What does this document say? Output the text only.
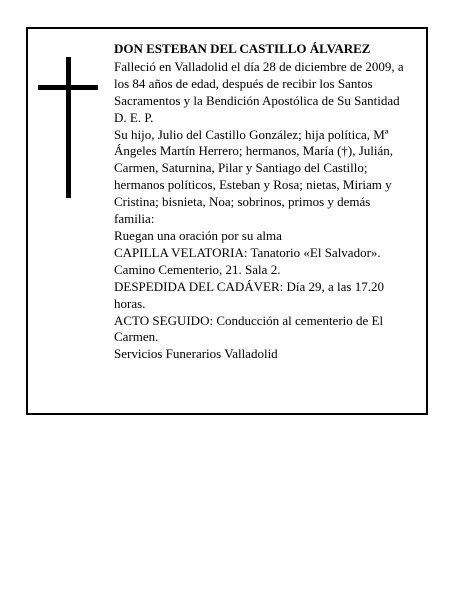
DON ESTEBAN DEL CASTILLO ÁLVAREZ

Falleció en Valladolid el día 28 de diciembre de 2009, a los 84 años de edad, después de recibir los Santos Sacramentos y la Bendición Apostólica de Su Santidad

D. E. P.

Su hijo, Julio del Castillo González; hija política, Mª Ángeles Martín Herrero; hermanos, María (†), Julián, Carmen, Saturnina, Pilar y Santiago del Castillo; hermanos políticos, Esteban y Rosa; nietas, Miriam y Cristina; bisnieta, Noa; sobrinos, primos y demás familia:

Ruegan una oración por su alma

CAPILLA VELATORIA: Tanatorio «El Salvador». Camino Cementerio, 21. Sala 2.

DESPEDIDA DEL CADÁVER: Día 29, a las 17.20 horas.

ACTO SEGUIDO: Conducción al cementerio de El Carmen.

Servicios Funerarios Valladolid
